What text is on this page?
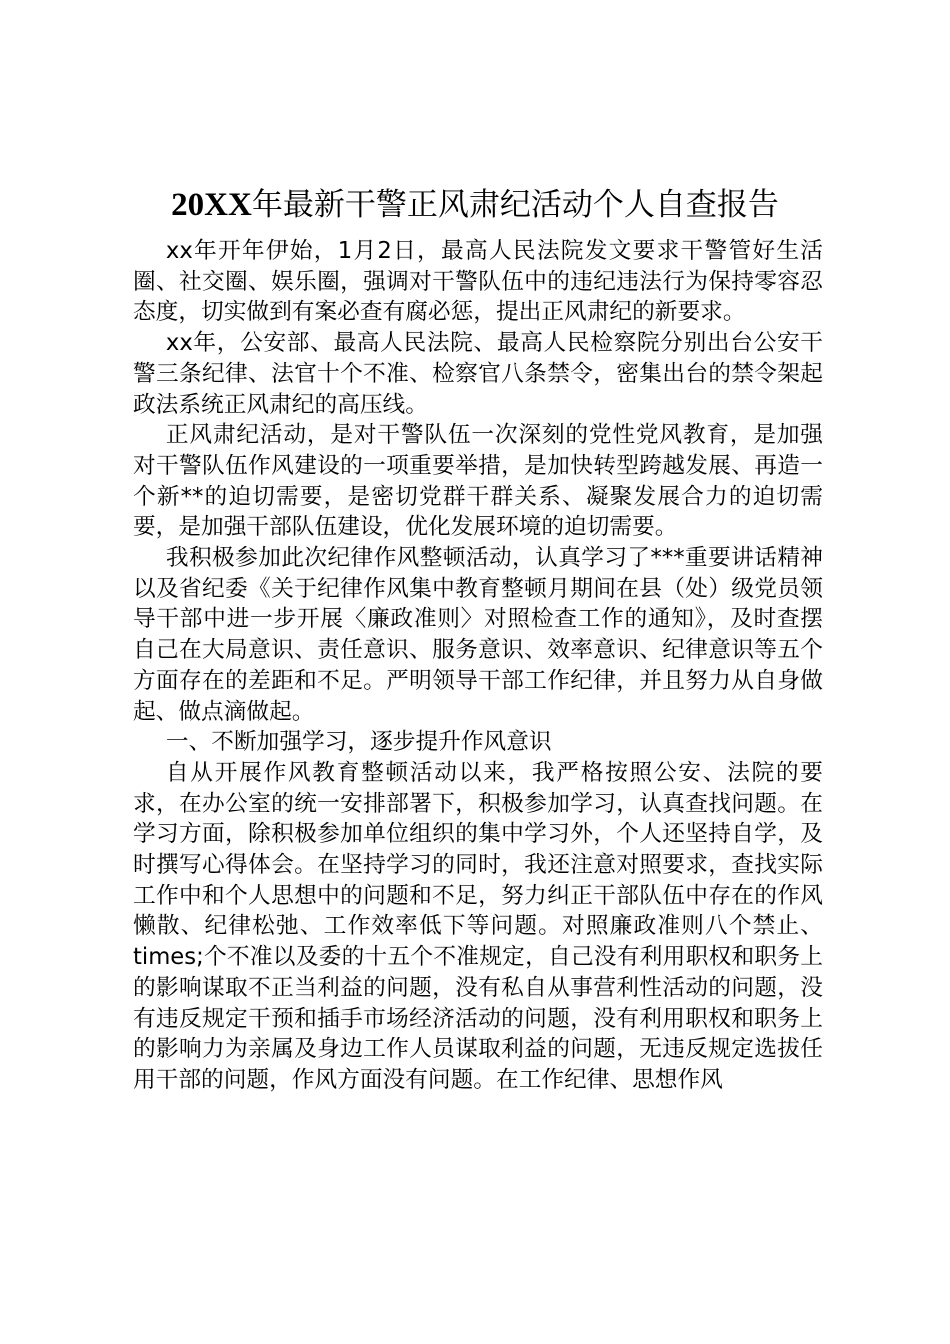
20XX年最新干警正风肃纪活动个人自查报告

xx年开年伊始，1月2日，最高人民法院发文要求干警管好生活圈、社交圈、娱乐圈，强调对干警队伍中的违纪违法行为保持零容忍态度，切实做到有案必查有腐必惩，提出正风肃纪的新要求。

xx年，公安部、最高人民法院、最高人民检察院分别出台公安干警三条纪律、法官十个不准、检察官八条禁令，密集出台的禁令架起政法系统正风肃纪的高压线。

正风肃纪活动，是对干警队伍一次深刻的党性党风教育，是加强对干警队伍作风建设的一项重要举措，是加快转型跨越发展、再造一个新**的迫切需要，是密切党群干群关系、凝聚发展合力的迫切需要，是加强干部队伍建设，优化发展环境的迫切需要。

我积极参加此次纪律作风整顿活动，认真学习了***重要讲话精神以及省纪委《关于纪律作风集中教育整顿月期间在县（处）级党员领导干部中进一步开展〈廉政准则〉对照检查工作的通知》，及时查摆自己在大局意识、责任意识、服务意识、效率意识、纪律意识等五个方面存在的差距和不足。严明领导干部工作纪律，并且努力从自身做起、做点滴做起。

一、不断加强学习，逐步提升作风意识

自从开展作风教育整顿活动以来，我严格按照公安、法院的要求，在办公室的统一安排部署下，积极参加学习，认真查找问题。在学习方面，除积极参加单位组织的集中学习外，个人还坚持自学，及时撰写心得体会。在坚持学习的同时，我还注意对照要求，查找实际工作中和个人思想中的问题和不足，努力纠正干部队伍中存在的作风懒散、纪律松弛、工作效率低下等问题。对照廉政准则八个禁止、times;个不准以及委的十五个不准规定，自己没有利用职权和职务上的影响谋取不正当利益的问题，没有私自从事营利性活动的问题，没有违反规定干预和插手市场经济活动的问题，没有利用职权和职务上的影响力为亲属及身边工作人员谋取利益的问题，无违反规定选拔任用干部的问题，作风方面没有问题。在工作纪律、思想作风
